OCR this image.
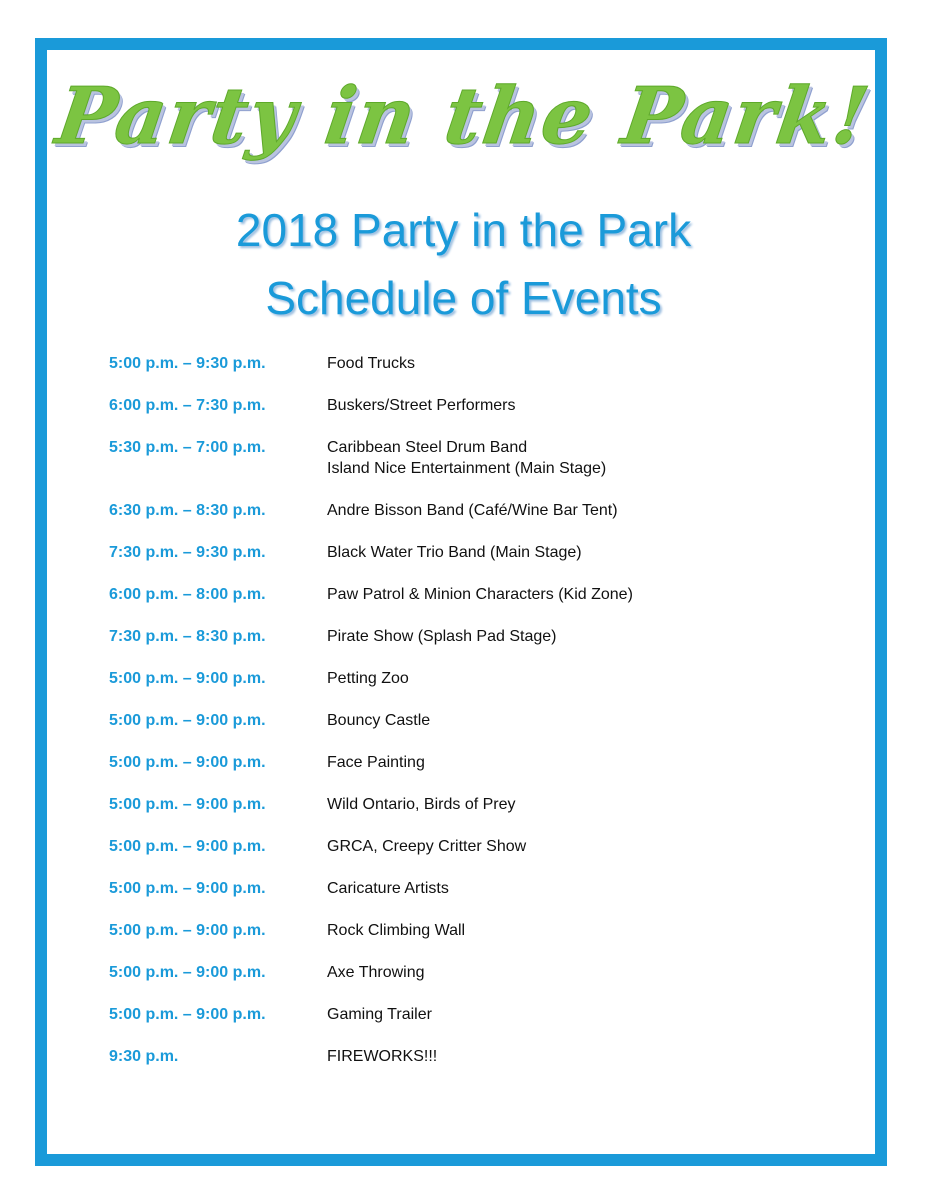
Party in the Park!
2018 Party in the Park
Schedule of Events
5:00 p.m. – 9:30 p.m.	Food Trucks
6:00 p.m. – 7:30 p.m.	Buskers/Street Performers
5:30 p.m. – 7:00 p.m.	Caribbean Steel Drum Band
Island Nice Entertainment (Main Stage)
6:30 p.m. – 8:30 p.m.	Andre Bisson Band (Café/Wine Bar Tent)
7:30 p.m. – 9:30 p.m.	Black Water Trio Band (Main Stage)
6:00 p.m. – 8:00 p.m.	Paw Patrol & Minion Characters (Kid Zone)
7:30 p.m. – 8:30 p.m.	Pirate Show (Splash Pad Stage)
5:00 p.m. – 9:00 p.m.	Petting Zoo
5:00 p.m. – 9:00 p.m.	Bouncy Castle
5:00 p.m. – 9:00 p.m.	Face Painting
5:00 p.m. – 9:00 p.m.	Wild Ontario, Birds of Prey
5:00 p.m. – 9:00 p.m.	GRCA, Creepy Critter Show
5:00 p.m. – 9:00 p.m.	Caricature Artists
5:00 p.m. – 9:00 p.m.	Rock Climbing Wall
5:00 p.m. – 9:00 p.m.	Axe Throwing
5:00 p.m. – 9:00 p.m.	Gaming Trailer
9:30 p.m.	FIREWORKS!!!
